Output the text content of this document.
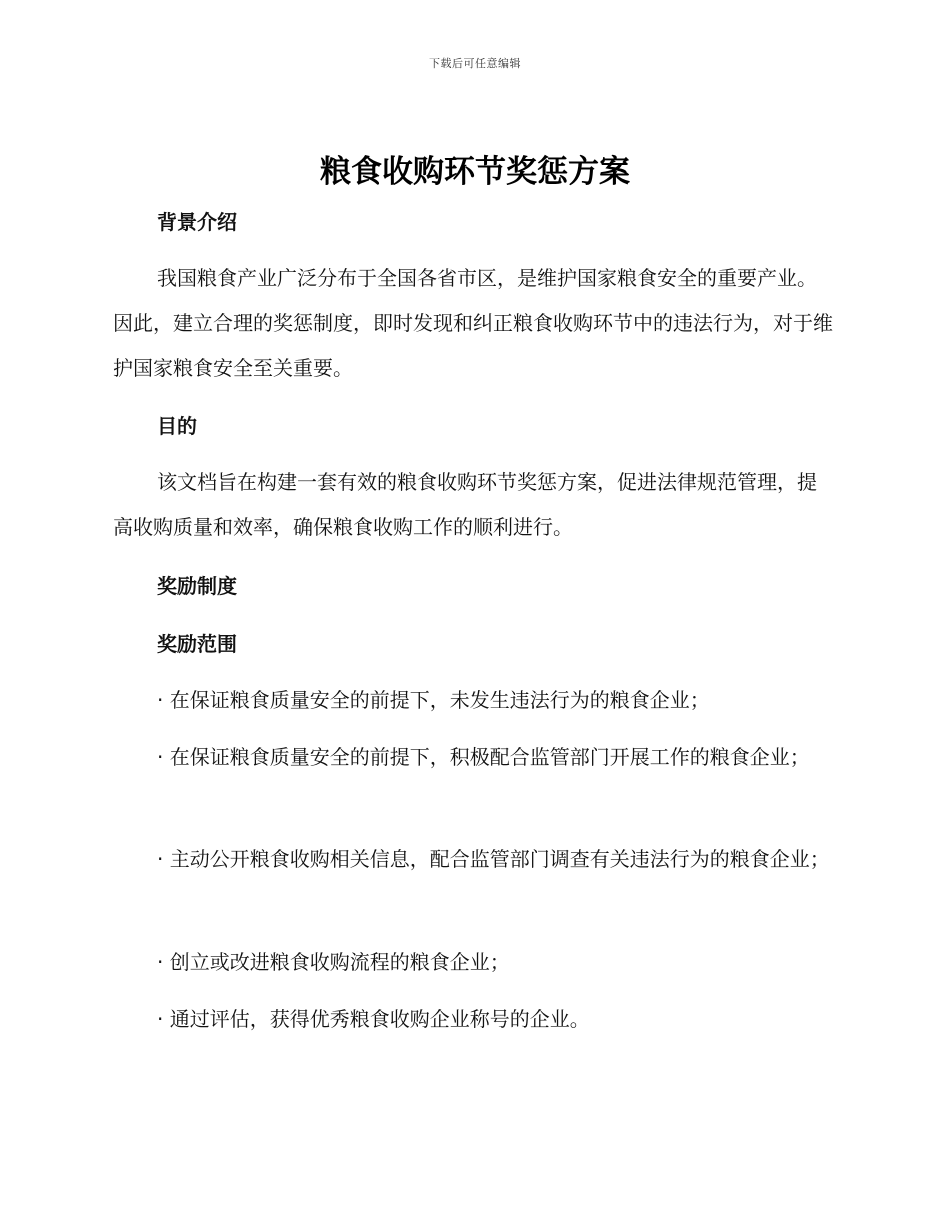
下载后可任意编辑
粮食收购环节奖惩方案
背景介绍

我国粮食产业广泛分布于全国各省市区，是维护国家粮食安全的重要产业。因此，建立合理的奖惩制度，即时发现和纠正粮食收购环节中的违法行为，对于维护国家粮食安全至关重要。

目的

该文档旨在构建一套有效的粮食收购环节奖惩方案，促进法律规范管理，提高收购质量和效率，确保粮食收购工作的顺利进行。

奖励制度
奖励范围

· 在保证粮食质量安全的前提下，未发生违法行为的粮食企业；

· 在保证粮食质量安全的前提下，积极配合监管部门开展工作的粮食企业；

· 主动公开粮食收购相关信息，配合监管部门调查有关违法行为的粮食企业；

· 创立或改进粮食收购流程的粮食企业；

· 通过评估，获得优秀粮食收购企业称号的企业。
